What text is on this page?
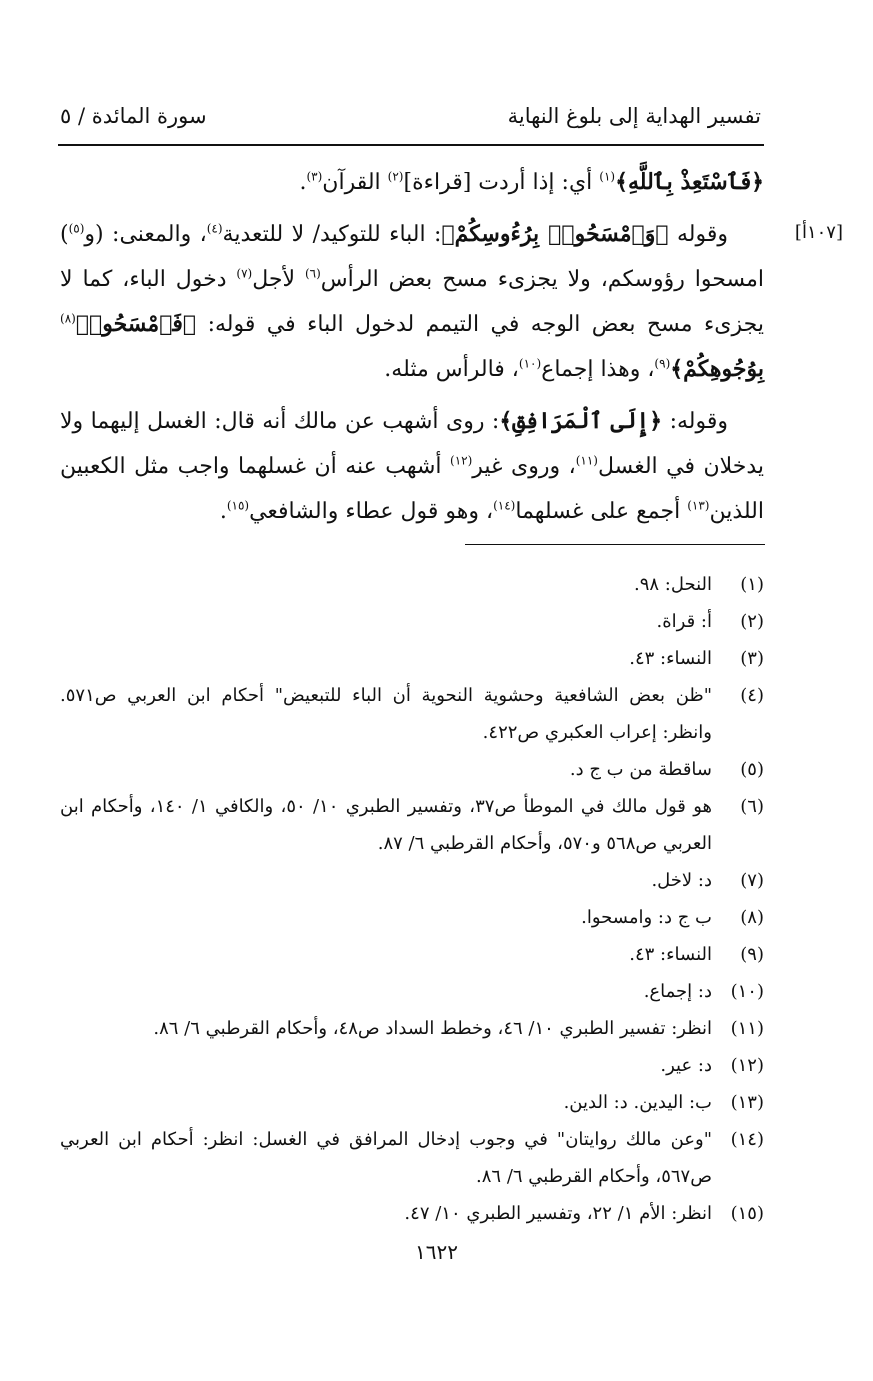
تفسير الهداية إلى بلوغ النهاية
سورة المائدة / ٥
[١٠٧أ]

﴿فَٱسْتَعِذْ بِٱللَّهِ﴾$^{(١)}$ أي: إذا أردت [قراءة]$^{(٢)}$ القرآن$^{(٣)}$.

وقوله ﴿وَٱمْسَحُوا۟ بِرُءُوسِكُمْ﴾: الباء للتوكيد/ لا للتعدية$^{(٤)}$، والمعنى: (و$^{(٥)}$) امسحوا رؤوسكم، ولا يجزىء مسح بعض الرأس$^{(٦)}$ لأجل$^{(٧)}$ دخول الباء، كما لا يجزىء مسح بعض الوجه في التيمم لدخول الباء في قوله: ﴿فَٱمْسَحُوا۟$^{(٨)}$ بِوُجُوهِكُمْ﴾$^{(٩)}$، وهذا إجماع$^{(١٠)}$، فالرأس مثله.

وقوله: ﴿إِلَى ٱلْمَرَافِقِ﴾: روى أشهب عن مالك أنه قال: الغسل إليهما ولا يدخلان في الغسل$^{(١١)}$، وروى غير$^{(١٢)}$ أشهب عنه أن غسلهما واجب مثل الكعبين اللذين$^{(١٣)}$ أجمع على غسلهما$^{(١٤)}$، وهو قول عطاء والشافعي$^{(١٥)}$.

(١)
النحل: ٩٨.
(٢)
أ: قراة.
(٣)
النساء: ٤٣.
(٤)
"ظن بعض الشافعية وحشوية النحوية أن الباء للتبعيض" أحكام ابن العربي ص٥٧١. وانظر: إعراب العكبري ص٤٢٢.
(٥)
ساقطة من ب ج د.
(٦)
هو قول مالك في الموطأ ص٣٧، وتفسير الطبري ١٠/ ٥٠، والكافي ١/ ١٤٠، وأحكام ابن العربي ص٥٦٨ و٥٧٠، وأحكام القرطبي ٦/ ٨٧.
(٧)
د: لاخل.
(٨)
ب ج د: وامسحوا.
(٩)
النساء: ٤٣.
(١٠)
د: إجماع.
(١١)
انظر: تفسير الطبري ١٠/ ٤٦، وخطط السداد ص٤٨، وأحكام القرطبي ٦/ ٨٦.
(١٢)
د: عير.
(١٣)
ب: اليدين. د: الدين.
(١٤)
"وعن مالك روايتان" في وجوب إدخال المرافق في الغسل: انظر: أحكام ابن العربي ص٥٦٧، وأحكام القرطبي ٦/ ٨٦.
(١٥)
انظر: الأم ١/ ٢٢، وتفسير الطبري ١٠/ ٤٧.
١٦٢٢
